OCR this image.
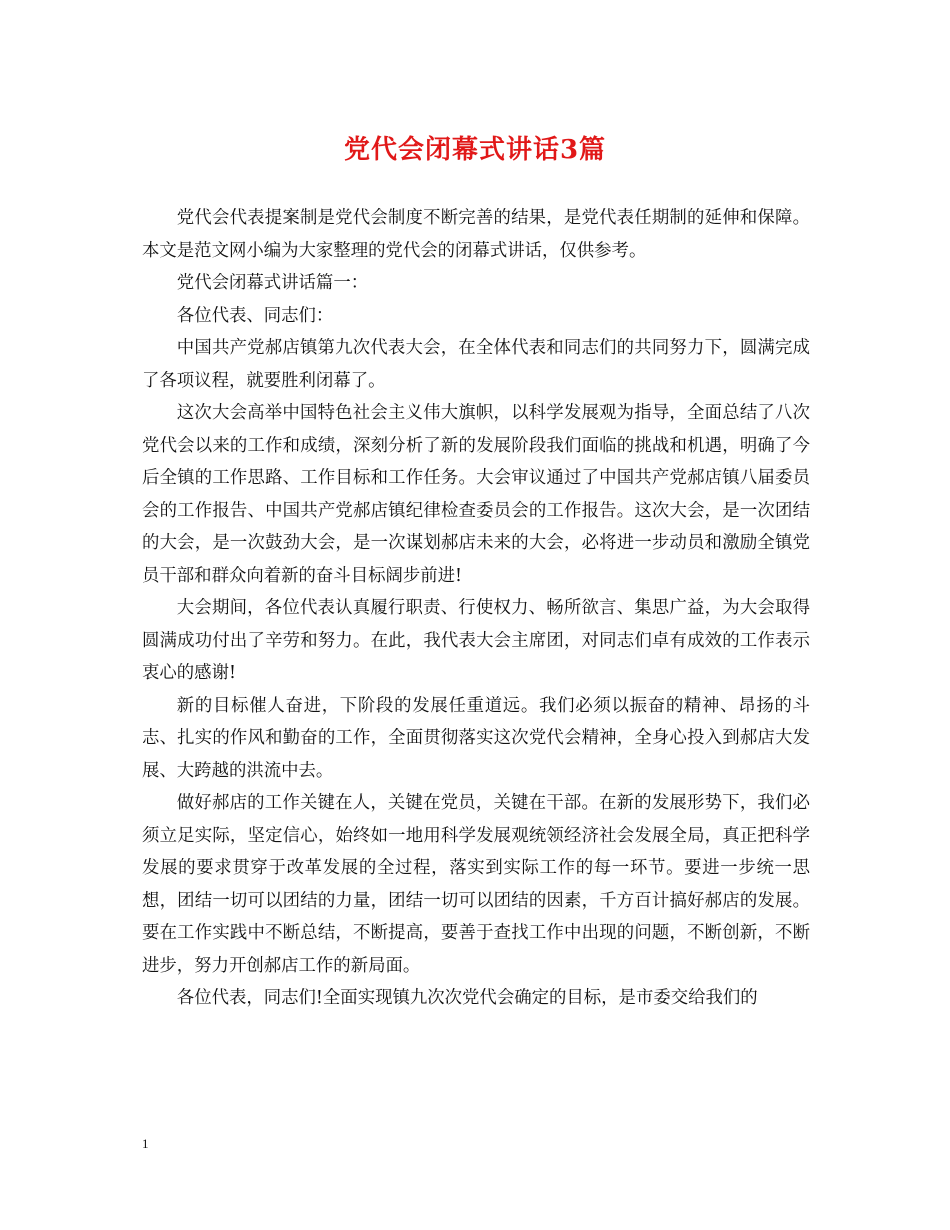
党代会闭幕式讲话3篇

党代会代表提案制是党代会制度不断完善的结果，是党代表任期制的延伸和保障。本文是范文网小编为大家整理的党代会的闭幕式讲话，仅供参考。

党代会闭幕式讲话篇一：

各位代表、同志们：

中国共产党郝店镇第九次代表大会，在全体代表和同志们的共同努力下，圆满完成了各项议程，就要胜利闭幕了。

这次大会高举中国特色社会主义伟大旗帜，以科学发展观为指导，全面总结了八次党代会以来的工作和成绩，深刻分析了新的发展阶段我们面临的挑战和机遇，明确了今后全镇的工作思路、工作目标和工作任务。大会审议通过了中国共产党郝店镇八届委员会的工作报告、中国共产党郝店镇纪律检查委员会的工作报告。这次大会，是一次团结的大会，是一次鼓劲大会，是一次谋划郝店未来的大会，必将进一步动员和激励全镇党员干部和群众向着新的奋斗目标阔步前进!

大会期间，各位代表认真履行职责、行使权力、畅所欲言、集思广益，为大会取得圆满成功付出了辛劳和努力。在此，我代表大会主席团，对同志们卓有成效的工作表示衷心的感谢!

新的目标催人奋进，下阶段的发展任重道远。我们必须以振奋的精神、昂扬的斗志、扎实的作风和勤奋的工作，全面贯彻落实这次党代会精神，全身心投入到郝店大发展、大跨越的洪流中去。

做好郝店的工作关键在人，关键在党员，关键在干部。在新的发展形势下，我们必须立足实际，坚定信心，始终如一地用科学发展观统领经济社会发展全局，真正把科学发展的要求贯穿于改革发展的全过程，落实到实际工作的每一环节。要进一步统一思想，团结一切可以团结的力量，团结一切可以团结的因素，千方百计搞好郝店的发展。要在工作实践中不断总结，不断提高，要善于查找工作中出现的问题，不断创新，不断进步，努力开创郝店工作的新局面。

各位代表，同志们!全面实现镇九次次党代会确定的目标，是市委交给我们的

1
